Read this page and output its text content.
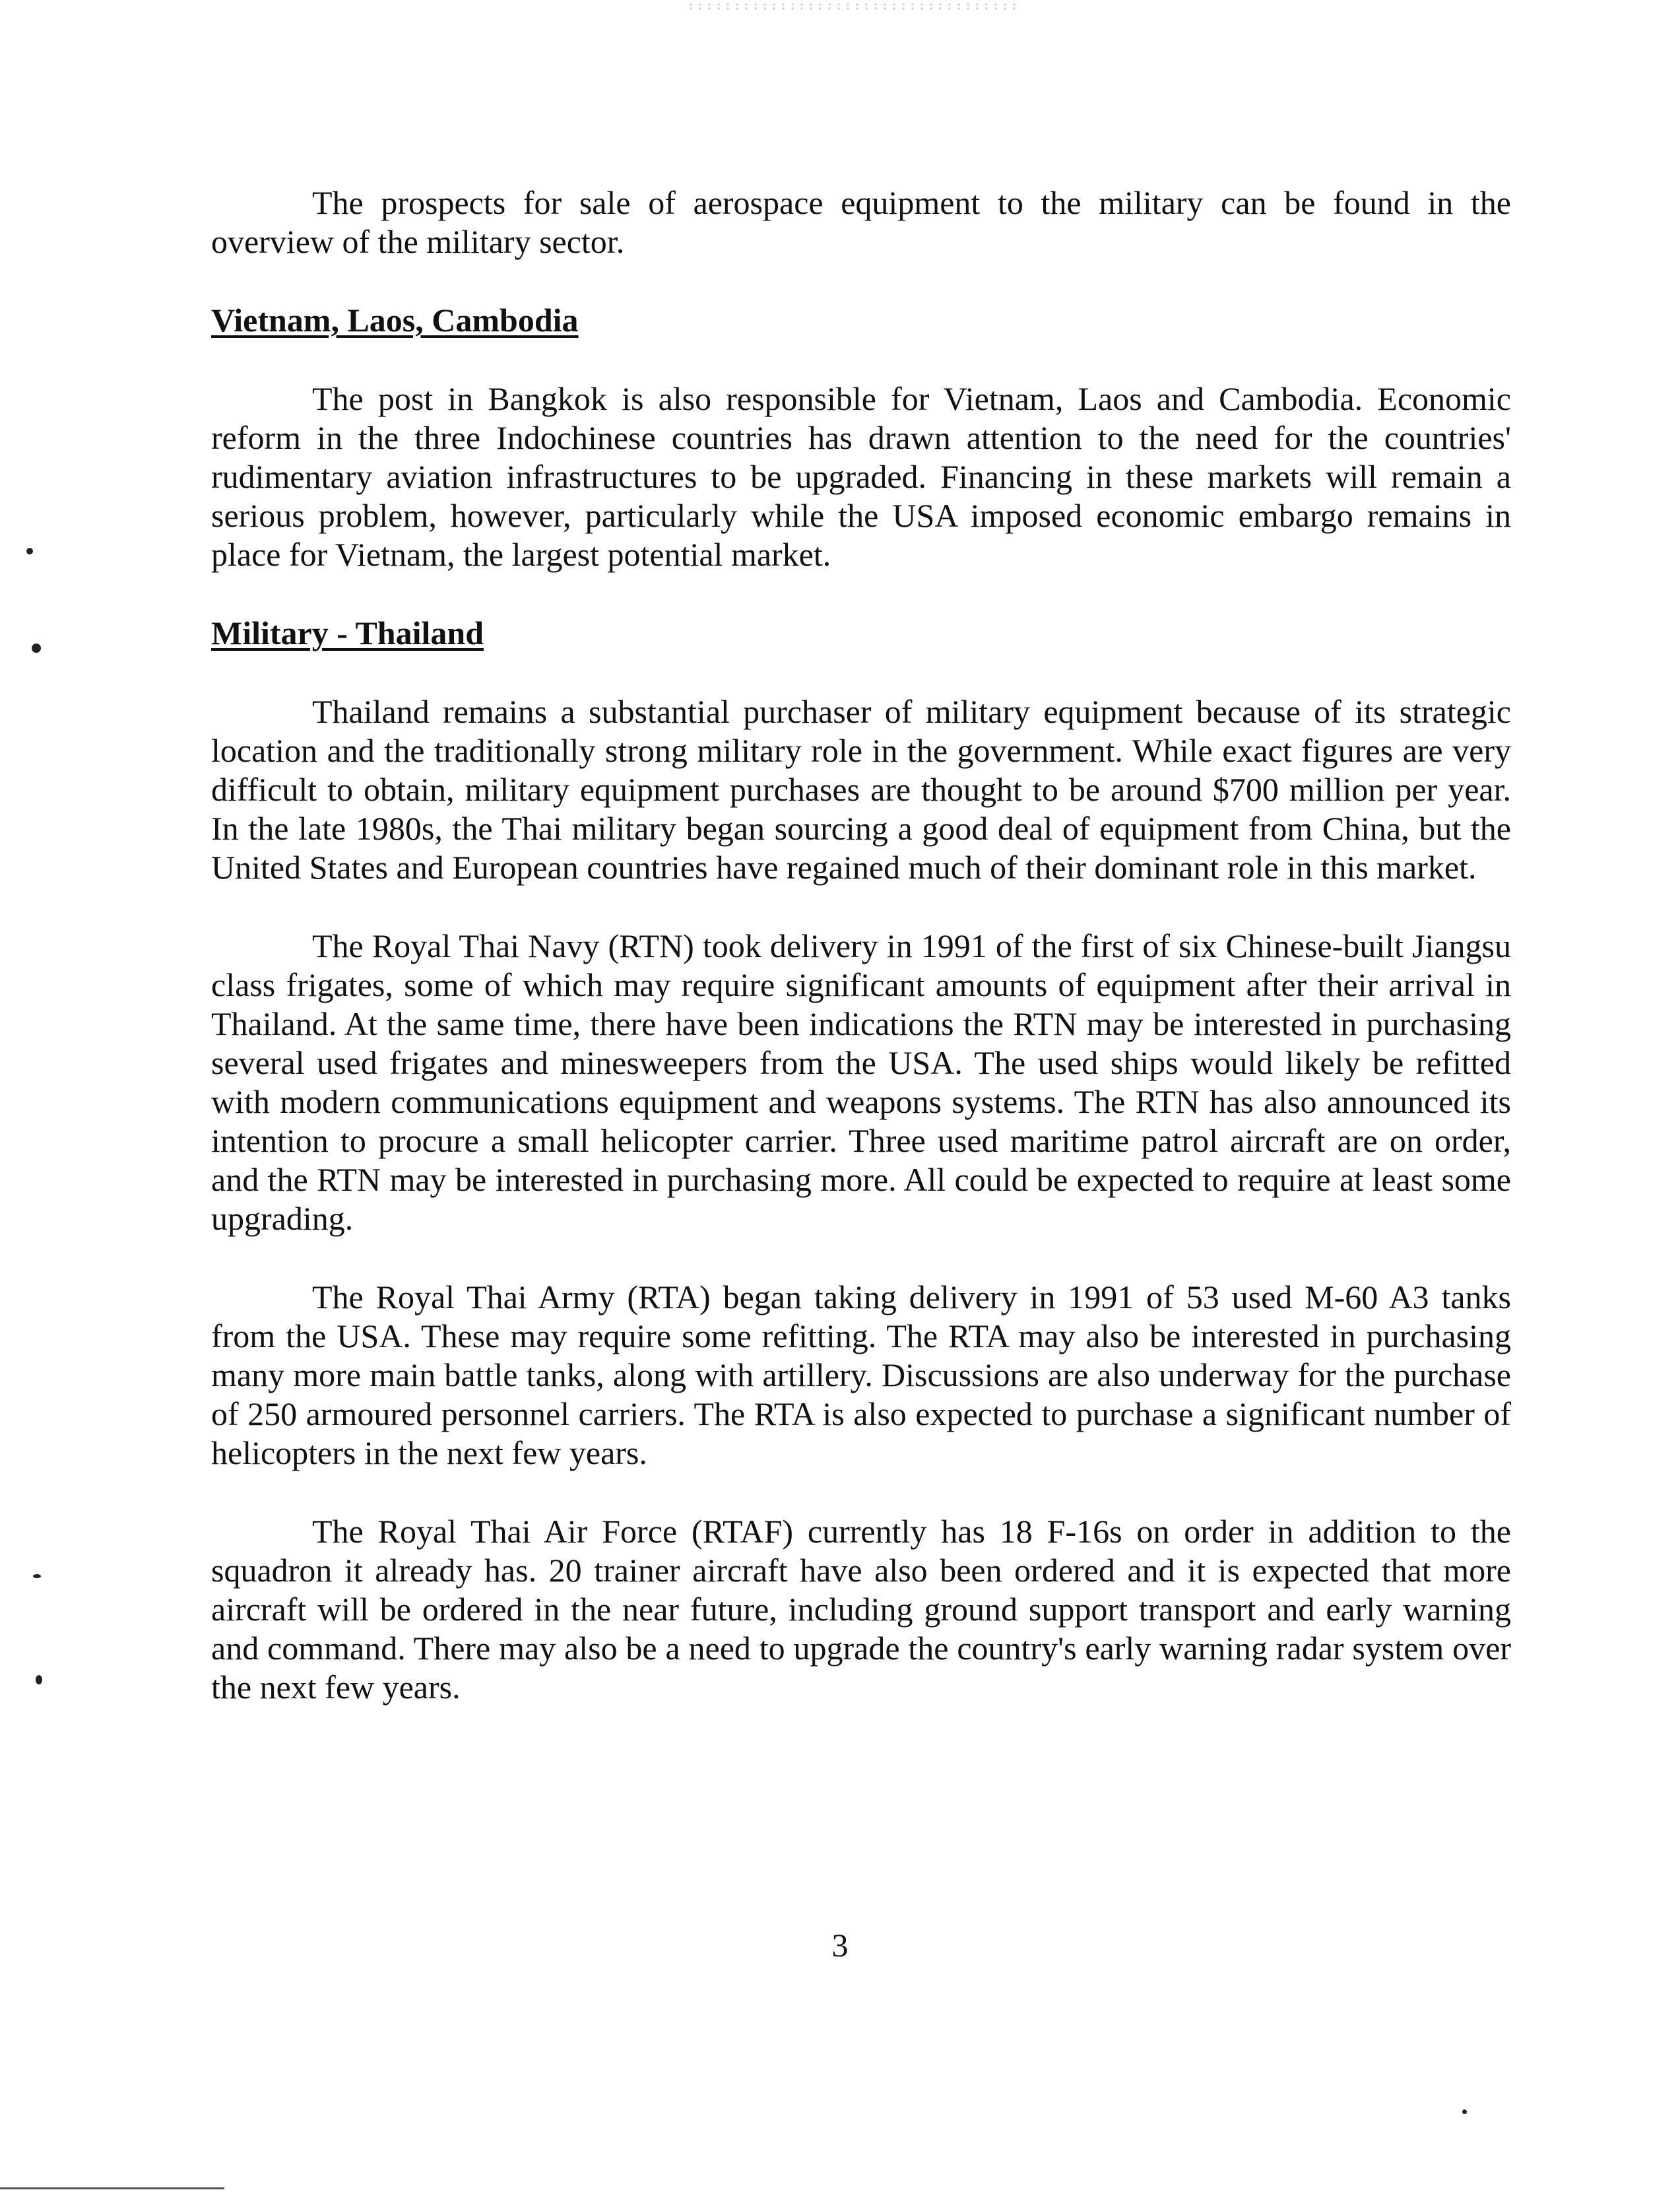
The prospects for sale of aerospace equipment to the military can be found in the overview of the military sector.

Vietnam, Laos, Cambodia

The post in Bangkok is also responsible for Vietnam, Laos and Cambodia. Economic reform in the three Indochinese countries has drawn attention to the need for the countries' rudimentary aviation infrastructures to be upgraded. Financing in these markets will remain a serious problem, however, particularly while the USA imposed economic embargo remains in place for Vietnam, the largest potential market.

Military - Thailand

Thailand remains a substantial purchaser of military equipment because of its strategic location and the traditionally strong military role in the government. While exact figures are very difficult to obtain, military equipment purchases are thought to be around $700 million per year. In the late 1980s, the Thai military began sourcing a good deal of equipment from China, but the United States and European countries have regained much of their dominant role in this market.

The Royal Thai Navy (RTN) took delivery in 1991 of the first of six Chinese-built Jiangsu class frigates, some of which may require significant amounts of equipment after their arrival in Thailand. At the same time, there have been indications the RTN may be interested in purchasing several used frigates and minesweepers from the USA. The used ships would likely be refitted with modern communications equipment and weapons systems. The RTN has also announced its intention to procure a small helicopter carrier. Three used maritime patrol aircraft are on order, and the RTN may be interested in purchasing more. All could be expected to require at least some upgrading.

The Royal Thai Army (RTA) began taking delivery in 1991 of 53 used M-60 A3 tanks from the USA. These may require some refitting. The RTA may also be interested in purchasing many more main battle tanks, along with artillery. Discussions are also underway for the purchase of 250 armoured personnel carriers. The RTA is also expected to purchase a significant number of helicopters in the next few years.

The Royal Thai Air Force (RTAF) currently has 18 F-16s on order in addition to the squadron it already has. 20 trainer aircraft have also been ordered and it is expected that more aircraft will be ordered in the near future, including ground support transport and early warning and command. There may also be a need to upgrade the country's early warning radar system over the next few years.

3
